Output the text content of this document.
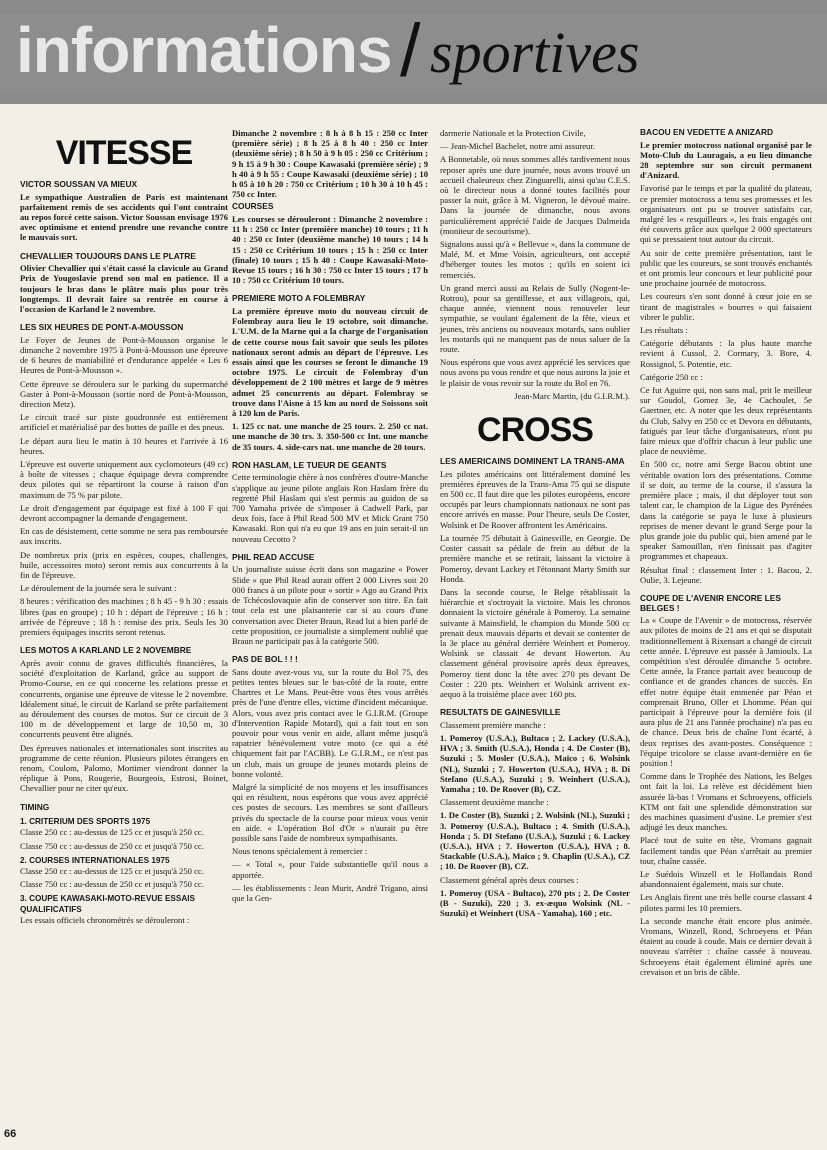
informations / sportives
VITESSE
VICTOR SOUSSAN VA MIEUX

Le sympathique Australien de Paris est maintenant parfaitement remis de ses accidents qui l'ont contraint au repos forcé cette saison. Victor Soussan envisage 1976 avec optimisme et entend prendre une revanche contre le mauvais sort.

CHEVALLIER TOUJOURS DANS LE PLATRE

Olivier Chevallier qui s'était cassé la clavicule au Grand Prix de Yougoslavie prend son mal en patience. Il a toujours le bras dans le plâtre mais plus pour très longtemps. Il devrait faire sa rentrée en course à l'occasion de Karland le 2 novembre.

LES SIX HEURES DE PONT-A-MOUSSON

Le Foyer de Jeunes de Pont-à-Mousson organise le dimanche 2 novembre 1975 à Pont-à-Mousson une épreuve de 6 heures de maniabilité et d'endurance appelée « Les 6 Heures de Pont-à-Mousson ».

Cette épreuve se déroulera sur le parking du supermarché Gaster à Pont-à-Mousson (sortie nord de Pont-à-Mousson, direction Metz).

Le circuit tracé sur piste goudronnée est entièrement artificiel et matérialisé par des bottes de paille et des pneus.

Le départ aura lieu le matin à 10 heures et l'arrivée à 16 heures.

L'épreuve est ouverte uniquement aux cyclomoteurs (49 cc) à boîte de vitesses ; chaque équipage devra comprendre deux pilotes qui se répartiront la course à raison d'un maximum de 75 % par pilote.

Le droit d'engagement par équipage est fixé à 100 F qui devront accompagner la demande d'engagement.

En cas de désistement, cette somme ne sera pas remboursée aux inscrits.

De nombreux prix (prix en espèces, coupes, challenges, huile, accessoires moto) seront remis aux concurrents à la fin de l'épreuve.

Le déroulement de la journée sera le suivant :

8 heures : vérification des machines ; 8 h 45 - 9 h 30 : essais libres (pas en groupe) ; 10 h : départ de l'épreuve ; 16 h : arrivée de l'épreuve ; 18 h : remise des prix. Seuls les 30 premiers équipages inscrits seront retenus.

LES MOTOS A KARLAND LE 2 NOVEMBRE

Après avoir connu de graves difficultés financières, la société d'exploitation de Karland, grâce au support de Promo-Course, en ce qui concerne les relations presse et concurrents, organise une épreuve de vitesse le 2 novembre. Idéalement situé, le circuit de Karland se prête parfaitement au déroulement des courses de motos. Sur ce circuit de 3 100 m de développement et large de 10,50 m, 30 concurrents peuvent être alignés.

Des épreuves nationales et internationales sont inscrites au programme de cette réunion. Plusieurs pilotes étrangers en renom, Coulom, Palomo, Mortimer viendront donner la réplique à Pons, Rougerie, Bourgeois, Estrosi, Boinet, Chevallier pour ne citer qu'eux.

TIMING
1. CRITERIUM DES SPORTS 1975

Classe 250 cc : au-dessus de 125 cc et jusqu'à 250 cc.

Classe 750 cc : au-dessus de 250 cc et jusqu'à 750 cc.

2. COURSES INTERNATIONALES 1975

Classe 250 cc : au-dessus de 125 cc et jusqu'à 250 cc.

Classe 750 cc : au-dessus de 250 cc et jusqu'à 750 cc.

3. COUPE KAWASAKI-MOTO-REVUE ESSAIS QUALIFICATIFS

Les essais officiels chronométrés se dérouleront :

Dimanche 2 novembre : 8 h à 8 h 15 : 250 cc Inter (première série) ; 8 h 25 à 8 h 40 : 250 cc Inter (deuxième série) ; 8 h 50 à 9 h 05 : 250 cc Critérium ; 9 h 15 à 9 h 30 : Coupe Kawasaki (première série) ; 9 h 40 à 9 h 55 : Coupe Kawasaki (deuxième série) ; 10 h 05 à 10 h 20 : 750 cc Critérium ; 10 h 30 à 10 h 45 : 750 cc Inter.

COURSES

Les courses se dérouleront : Dimanche 2 novembre : 11 h : 250 cc Inter (première manche) 10 tours ; 11 h 40 : 250 cc Inter (deuxième manche) 10 tours ; 14 h 15 : 250 cc Critérium 10 tours ; 15 h : 250 cc Inter (finale) 10 tours ; 15 h 40 : Coupe Kawasaki-Moto-Revue 15 tours ; 16 h 30 : 750 cc Inter 15 tours ; 17 h 10 : 750 cc Critérium 10 tours.

PREMIERE MOTO A FOLEMBRAY

La première épreuve moto du nouveau circuit de Folembray aura lieu le 19 octobre, soit dimanche. L'U.M. de la Marne qui a la charge de l'organisation de cette course nous fait savoir que seuls les pilotes nationaux seront admis au départ de l'épreuve. Les essais ainsi que les courses se feront le dimanche 19 octobre 1975. Le circuit de Folembray d'un développement de 2 100 mètres et large de 9 mètres admet 25 concurrents au départ. Folembray se trouve dans l'Aisne à 15 km au nord de Soissons soit à 120 km de Paris.

1. 125 cc nat. une manche de 25 tours. 2. 250 cc nat. une manche de 30 trs. 3. 350-500 cc Int. une manche de 35 tours. 4. side-cars nat. une manche de 20 tours.

RON HASLAM, LE TUEUR DE GEANTS

Cette terminologie chère à nos confrères d'outre-Manche s'applique au jeune pilote anglais Ron Haslam frère du regretté Phil Haslam qui s'est permis au guidon de sa 700 Yamaha privée de s'imposer à Cadwell Park, par deux fois, face à Phil Read 500 MV et Mick Grant 750 Kawasaki. Ron qui n'a eu que 19 ans en juin serait-il un nouveau Cecotto ?

PHIL READ ACCUSE

Un journaliste suisse écrit dans son magazine « Power Slide » que Phil Read aurait offert 2 000 Livres soit 20 000 francs à un pilote pour « sortir » Ago au Grand Prix de Tchécoslovaquie afin de conserver son titre. En fait tout cela est une plaisanterie car si au cours d'une conversation avec Dieter Braun, Read lui a bien parlé de cette proposition, ce journaliste a simplement oublié que Braun ne participait pas à la catégorie 500.

PAS DE BOL ! ! !

Sans doute avez-vous vu, sur la route du Bol 75, des petites tentes bleues sur le bas-côté de la route, entre Chartres et Le Mans. Peut-être vous êtes vous arrêtés près de l'une d'entre elles, victime d'incident mécanique. Alors, vous avez pris contact avec le G.I.R.M. (Groupe d'Intervention Rapide Motard), qui a fait tout en son pouvoir pour vous venir en aide, allant même jusqu'à rapatrier bénévolement votre moto (ce qui a été chiquement fait par l'ACBB). Le G.I.R.M., ce n'est pas un club, mais un groupe de jeunes motards pleins de bonne volonté.

Malgré la simplicité de nos moyens et les insuffisances qui en résultent, nous espérons que vous avez apprécié ces postes de secours. Les membres se sont d'ailleurs privés du spectacle de la course pour mieux vous venir en aide. « L'opération Bol d'Or » n'aurait pu être possible sans l'aide de nombreux sympathisants.

Nous tenons spécialement à remercier :

— « Total », pour l'aide substantielle qu'il nous a apportée.

— les établissements : Jean Murit, André Trigano, ainsi que la Gen-

darmerie Nationale et la Protection Civile,

— Jean-Michel Bachelet, notre ami assureur.

A Bonnetable, où nous sommes allés tardivement nous reposer après une dure journée, nous avons trouvé un accueil chaleureux chez Zinguarelli, ainsi qu'au C.E.S. où le directeur nous a donné toutes facilités pour passer la nuit, grâce à M. Vigneron, le dévoué maire. Dans la journée de dimanche, nous avons particulièrement apprécié l'aide de Jacques Dalmeida (moniteur de secourisme).

Signalons aussi qu'à « Bellevue », dans la commune de Malé, M. et Mme Voisin, agriculteurs, ont accepté d'héberger toutes les motos ; qu'ils en soient ici remerciés.

Un grand merci aussi au Relais de Sully (Nogent-le-Rotrou), pour sa gentillesse, et aux villageois, qui, chaque année, viennent nous renouveler leur sympathie, se voulant également de la fête, vieux et jeunes, très anciens ou nouveaux motards, sans oublier les motards qui ne manquent pas de nous saluer de la route.

Nous espérons que vous avez apprécié les services que nous avons pu vous rendre et que nous aurons la joie et le plaisir de vous revoir sur la route du Bol en 76.

Jean-Marc Martin, (du G.I.R.M.).

CROSS
LES AMERICAINS DOMINENT LA TRANS-AMA

Les pilotes américains ont littéralement dominé les premières épreuves de la Trans-Ama 75 qui se dispute en 500 cc. Il faut dire que les pilotes européens, encore occupés par leurs championnats nationaux ne sont pas encore arrivés en masse. Pour l'heure, seuls De Coster, Wolsink et De Roover affrontent les Américains.

La tournée 75 débutait à Gainesville, en Georgie. De Coster cassait sa pédale de frein au début de la première manche et se retirait, laissant la victoire à Pomeroy, devant Lackey et l'étonnant Marty Smith sur Honda.

Dans la seconde course, le Belge rétablissait la hiérarchie et s'octroyait la victoire. Mais les chronos donnaient la victoire générale à Pomeroy. La semaine suivante à Mainsfield, le champion du Monde 500 cc prenait deux mauvais départs et devait se contenter de la 3e place au général derrière Weinhert et Pomeroy. Wolsink se classait 4e devant Howerton. Au classement général provisoire après deux épreuves, Pomeroy tient donc la tête avec 270 pts devant De Coster : 220 pts. Weinhert et Wolsink arrivent ex-aequo à la troisième place avec 160 pts.

RESULTATS DE GAINESVILLE

Classement première manche :

1. Pomeroy (U.S.A.), Bultaco ; 2. Lackey (U.S.A.), HVA ; 3. Smith (U.S.A.), Honda ; 4. De Coster (B), Suzuki ; 5. Mosler (U.S.A.), Maïco ; 6. Wolsink (NL), Suzuki ; 7. Howerton (U.S.A.), HVA ; 8. Di Stefano (U.S.A.), Suzuki ; 9. Weinhert (U.S.A.), Yamaha ; 10. De Roover (B), CZ.

Classement deuxième manche :

1. De Coster (B), Suzuki ; 2. Wolsink (NL), Suzuki ; 3. Pomeroy (U.S.A.), Bultaco ; 4. Smith (U.S.A.), Honda ; 5. DI Stefano (U.S.A.), Suzuki ; 6. Lackey (U.S.A.), HVA ; 7. Howerton (U.S.A.), HVA ; 8. Stackable (U.S.A.), Maïco ; 9. Chaplin (U.S.A.), CZ ; 10. De Roover (B), CZ.

Classement général après deux courses :

1. Pomeroy (USA - Bultaco), 270 pts ; 2. De Coster (B - Suzuki), 220 ; 3. ex-æquo Wolsink (NL - Suzuki) et Weinhert (USA - Yamaha), 160 ; etc.

BACOU EN VEDETTE A ANIZARD

Le premier motocross national organisé par le Moto-Club du Lauragais, a eu lieu dimanche 28 septembre sur son circuit permanent d'Anizard.

Favorisé par le temps et par la qualité du plateau, ce premier motocross a tenu ses promesses et les organisateurs ont pu se trouver satisfaits car, malgré les « resquilleurs », les frais engagés ont été couverts grâce aux quelque 2 000 spectateurs qui se pressaient tout autour du circuit.

Au soir de cette première présentation, tant le public que les coureurs, se sont trouvés enchantés et ont promis leur concours et leur publicité pour une prochaine journée de motocross.

Les coureurs s'en sont donné à cœur joie en se tirant de magistrales « bourres » qui faisaient vibrer le public.

Les résultats :

Catégorie débutants : la plus haute marche revient à Cussol, 2. Cormary, 3. Bore, 4. Rossignol, 5. Potentie, etc.

Catégorie 250 cc :

Ce fut Aguirre qui, non sans mal, prit le meilleur sur Goudol, Gomez 3e, 4e Cachoulet, 5e Gaertner, etc. A noter que les deux représentants du Club, Salvy en 250 cc et Devora en débutants, fatigués par leur tâche d'organisateurs, n'ont pu faire mieux que d'offrir chacun à leur public une place de neuvième.

En 500 cc, notre ami Serge Bacou obtint une véritable ovation lors des présentations. Comme il se doit, au terme de la course, il s'assura la première place ; mais, il dut déployer tout son talent car, le champion de la Ligue des Pyrénées dans la catégorie se paya le luxe à plusieurs reprises de mener devant le grand Serge pour la plus grande joie du public qui, bien amené par le speaker Samouillan, n'en finissait pas d'agiter programmes et chapeaux.

Résultat final : classement Inter : 1. Bacou, 2. Oulie, 3. Lejeune.

COUPE DE L'AVENIR ENCORE LES BELGES !

La « Coupe de l'Avenir » de motocross, réservée aux pilotes de moins de 21 ans et qui se disputait traditionnellement à Rixensart a changé de circuit cette année. L'épreuve est passée à Jamioulx. La compétition s'est déroulée dimanche 5 octobre. Cette année, la France partait avec beaucoup de confiance et de grandes chances de succès. En effet notre équipe était emmenée par Péan et comprenait Bruno, Oller et Lhomme. Péan qui participait à l'épreuve pour la dernière fois (il aura plus de 21 ans l'année prochaine) n'a pas eu de chance. Deux bris de chaîne l'ont écarté, à deux reprises des avant-postes. Conséquence : l'équipe tricolore se classe avant-dernière en 6e position !

Comme dans le Trophée des Nations, les Belges ont fait la loi. La relève est décidément bien assurée là-bas ! Vromans et Schroeyens, officiels KTM ont fait une splendide démonstration sur des machines quasiment d'usine. Le premier s'est adjugé les deux manches.

Placé tout de suite en tête, Vromans gagnait facilement tandis que Péan s'arrêtait au premier tour, chaîne cassée.

Le Suédois Winzell et le Hollandais Rond abandonnaient également, mais sur chute.

Les Anglais firent une très belle course classant 4 pilotes parmi les 10 premiers.

La seconde manche était encore plus animée. Vromans, Winzell, Rond, Schroeyens et Péan étaient au coude à coude. Mais ce dernier devait à nouveau s'arrêter : chaîne cassée à nouveau. Schroeyens était également éliminé après une crevaison et un bris de câble.

66
